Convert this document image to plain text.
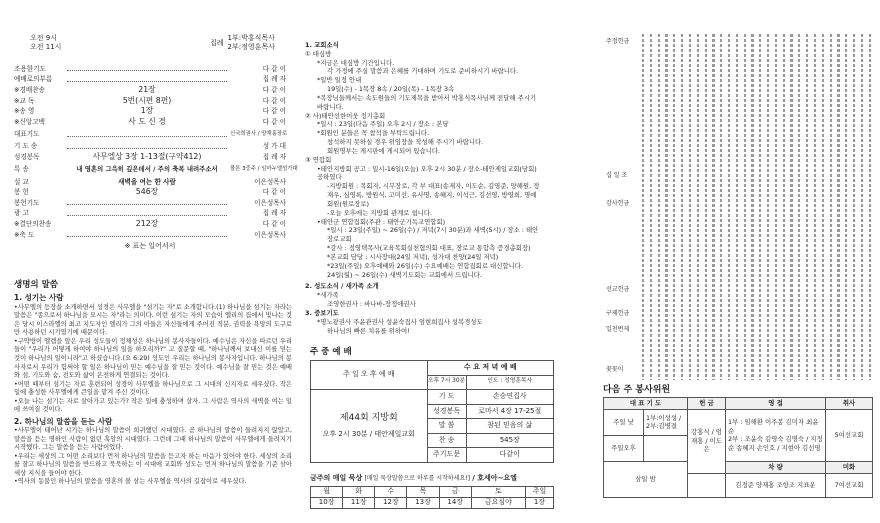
오전 9시
오전 11시
집례
1부:박홍식목사
2부:정영훈목사
조용한기도	다 같 이
예배로의부름	집 례 자
※경배찬송	21장	다 같 이
※교 독	5번(시편 8편)	다 같 이
※송 영	1장	다 같 이
※신앙고백	사 도 신 경	다 같 이
대표기도	신국희권사 / 양재홍장로
기 도 송	성 가 대
성경봉독	사무엘상 3장 1-13절(구약412)	집 례 자
특 송	내 영혼의 그윽히 깊은데서 / 주의 축복 내려주소서	볼톤 3중주 / 임마누엘성가대
설 교	새벽을 여는 한 사람	이은성목사
봉 헌	546장	다 같 이
봉헌기도	이은성목사
광 고	집 례 자
※결단의찬송	212장	다 같 이
※축 도	이은성목사
※ 표는 일어서서
생명의 말씀
1. 성기는 사람

•사무엘의 등장을 소개하면서 성경은 사무엘을 "섬기는 자"로 소개합니다.(1) 하나님을 섬기는 자라는 말씀은 "종으로서 하나님을 모시는 자"라는 의미다. 이런 섬기는 자의 모습이 엘리의 집에서 빛나는 것은 당시 이스라엘의 최고 지도자인 엘리가 그의 아들은 자신들에게 주어진 직분, 권력을 욕망의 도구로만 사용하던 시기였기에 때문이다.

•구약방이 엘렘을 앞은 우리 성도들이 정체성은 하나님의 봉사자들이다. 예수님은 자신을 따르던 우리들이 "우리가 어떻게 하여야 하나님의 일을 하오리까?" 고 질문할 때, "하나님께서 보내신 이를 믿는 것이 하나님의 일이니라"고 하셨습니다.(요 6:29) 성도인 우리는 하나님의 봉사자입니다. 하나님의 봉사자로서 우리가 힘써야 할 일은 하나님이 믿는 예수님을 잘 믿는 것이다. 예수님을 잘 믿는 것은 예배와 섬, 기도와 숨, 전도와 삶이 온전하게 연결되는 것이다.

•어떤 때부터 섬기는 자로 훈련되어 성경이 사무엘을 하나님으로 그 시대의 신지자로 세우셨다. 작은 일에 충성한 사무엘에게 큰일을 맡겨 주신 것이다.

•오늘 나는 섬기는 자로 살아가고 있는가? 작은 일에 충성하며 살자. 그 사람은 역사의 새벽을 여는 일에 쓰여질 것이다.

2. 하나님의 말씀을 듣는 사람

•사무엘이 태어난 시기는 하나님의 말씀이 희귀했던 시대였다. 곧 하나님의 말씀이 들려지지 않았고, 말씀을 듣는 명하인 사람이 없던 혹암의 시대였다. 그런데 그때 하나님의 말씀이 사무엘에게 들려지기 시작했다. 그는 말씀을 듣는 사람이었다.

•우리는 세상의 그 어떤 소리보다 먼저 하나님의 말씀을 듣고자 하는 마음가 있어야 한다. 세상의 소리를 잘고 하나님의 말씀을 반드하고 묵묵하는 이 시대에 교회와 성도는 먼저 하나님의 말씀을 기준 삼아 세상 지식을 들어야 한다.

•역사의 동불인 하나님의 말씀을 영혼의 볼 삼는 사무엘을 역사의 길잡이로 세우셨다.

1. 교회소식

① 대심방

*지금은 대심방 기간입니다.

각 가정에 주실 말씀과 은혜를 기대하며 기도로 준비하시기 바랍니다.

*일반 일정 안내

19일(수) - 1목장 8속 / 20일(목) - 1목장 3속

*목장님들께서는 속도원들의 기도제목을 받아서 박홍식목사님께 전달해 주시기 바랍니다.

② 사)태안선한이웃 정기총회

*일시 : 23일(다음 주일) 오후 2시 / 장소 : 본당

*회원인 분들은 꼭 참석을 부탁드립니다.

창석하지 못하실 경우 위임장을 작성해 주시기 바랍니다.

회원명부는 게시판에 게시되어 있습니다.

③ 연합회

•태안지방회 공고 : 일시-16일(오늘) 오후 2시 30분 / 장소-태안제일교회(당회) 공하였다

-지방회원 : 목회자, 시무장로, 각 부 대표(송재자, 이도순, 김영준, 양해원, 정재우, 심영록, 방원식, 고미선, 유사명, 송혜지, 이석근, 김선영, 방영희, 명예회원(원로장로)

-오늘 오후에는 지방회 관계로 쉽니다.

•태안군 연합집회(주관 : 태안군기독교연합회)

*일시 : 23일(주일) ~ 26일(수) / 저녁(7시 30분)과 새벽(5시) / 장소 : 태안장로교회

*강사 : 정영택목사(교육목회실천협의회 대표, 장로교 통합측 증경총회장)

*본교회 담당 : 시사장대(24일 저녁), 성가대 찬양(24일 저녁)

*23일(주일) 오후예배와 26일(수) 수요예배는 연합집회로 대신합니다.

24일(월) ~ 26일(수) 새벽기도회는 교회에서 드립니다.

2. 성도소식 / 새가족 소개

*새가족

조영한권사 : 바나바-장정애권사

3. 중보기도

*명노광권사 주윤관권사 성윤숙집사 엄현희집사 성복경성도

하나님의 빠른 치유를 위하여!

주 중 예 배
주 일 오 후 예 배	수 요 저 녁 예 배	
	오후 7시 30분	인도 : 정영훈목사

제44회 지방회
오후 2시 30분 / 태안제일교회	기 도	손승연집사
	성경봉독	로마서 4장 17-25절
	말 씀	참된 믿음의 삶
	찬 송	545장
	주기도문	다같이
금주의 매일 묵상 [매일 묵상말씀으로 하루를 시작하세요!] / 호세아~요엘
월	화	수	목	금	토	주일
10장	11장	12장	13장	14장	금요심야	1장
주정헌금
십 일 조
감사헌금
선교헌금
구제헌금
일천번제
꽃꽂이
다음 주 봉사위원
대 표 기 도		헌 금	영 접	취사
주일 낮	1부:이성성 / 2부:김병결	강홍식 / 엄재홍 / 이도은	1부 : 임해환 이주봉 김미자 최윤순
2부 : 조윤숙 김영숙 김명숙 / 지정순 송혜지 손인호 / 지현아 김선영	5여선교회
주일오후				
삼일 밤			차 량	미화
			김정준 양재홍 조항조 지표운	7여선교회
